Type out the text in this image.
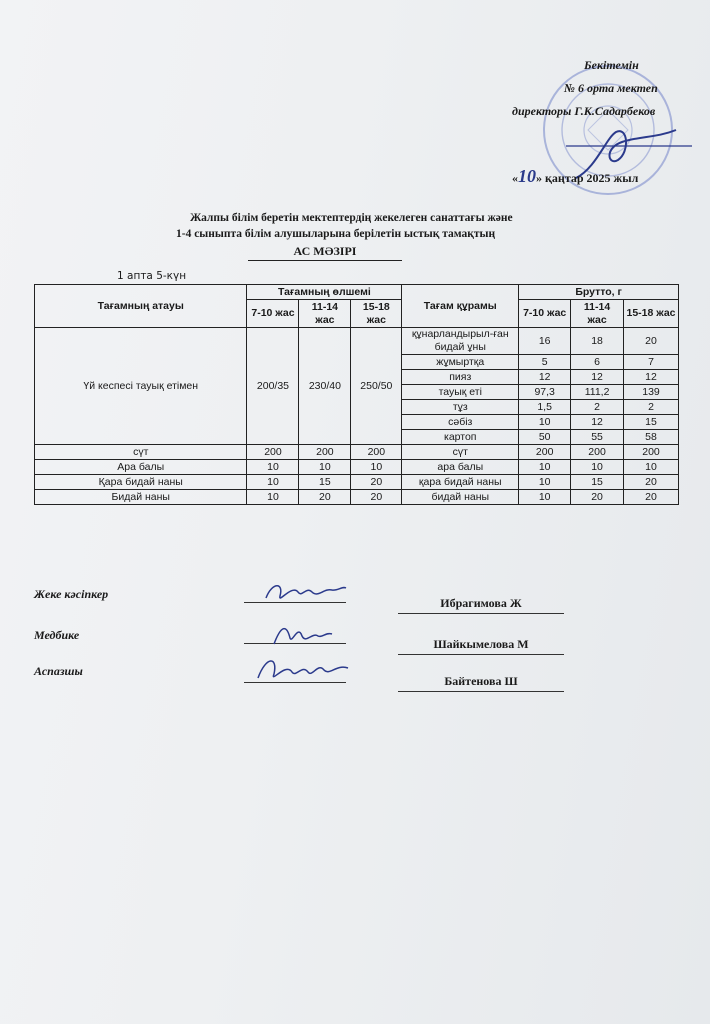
Бекітемін
№ 6 орта мектеп
директоры Г.К.Садарбеков
«10» қаңтар 2025 жыл
Жалпы білім беретін мектептердің жекелеген санаттағы және
1-4 сыныпта білім алушыларына берілетін ыстық тамақтың
АС МӘЗІРІ
1 апта 5-күн
Тағамның атауы	Тағамның өлшемі			Тағам құрамы	Брутто, г		
	7-10 жас	11-14 жас	15-18 жас		7-10 жас	11-14 жас	15-18 жас
Үй кеспесі тауық етімен	200/35	230/40	250/50	құнарландырыл-ған бидай ұны	16	18	20
				жұмыртқа	5	6	7
				пияз	12	12	12
				тауық еті	97,3	111,2	139
				тұз	1,5	2	2
				сәбіз	10	12	15
				картоп	50	55	58
сүт	200	200	200	сүт	200	200	200
Ара балы	10	10	10	ара балы	10	10	10
Қара бидай наны	10	15	20	қара бидай наны	10	15	20
Бидай наны	10	20	20	бидай наны	10	20	20
Жеке кәсіпкер
Ибрагимова Ж
Медбике
Шайкымелова М
Аспазшы
Байтенова Ш
